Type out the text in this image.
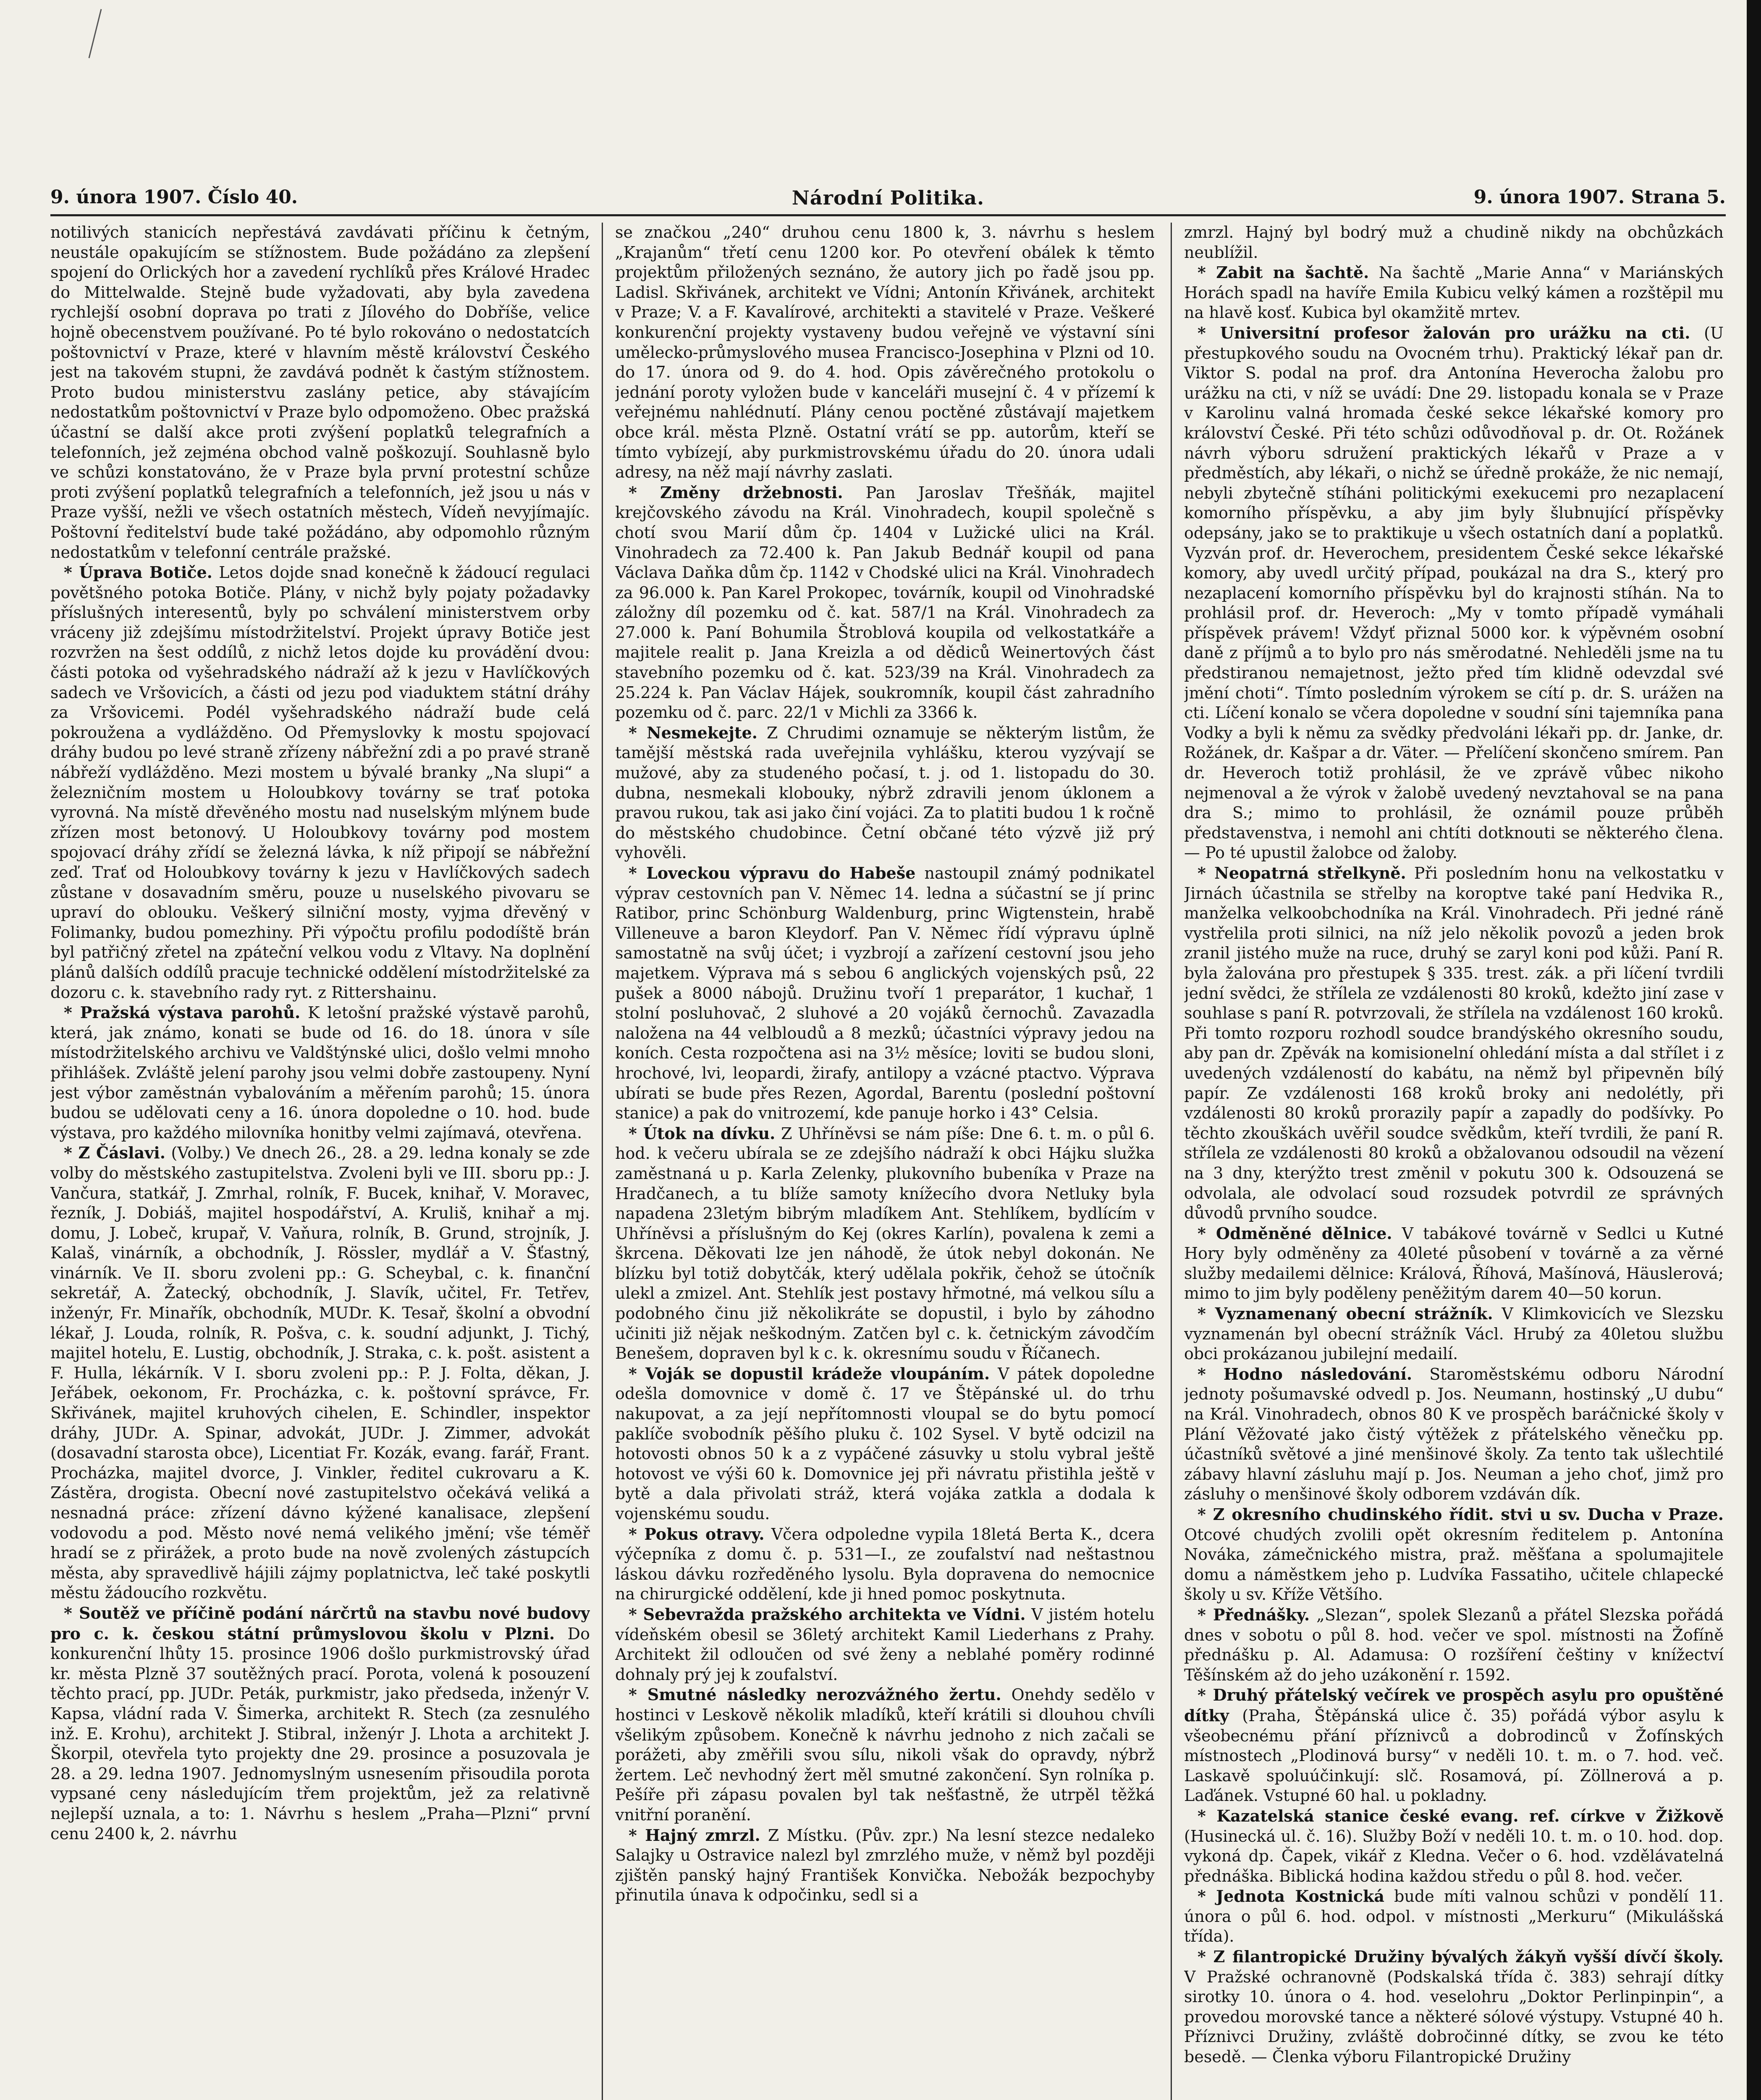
9. února 1907. Číslo 40.	Národní Politika.	9. února 1907. Strana 5.

notilivých stanicích nepřestává zavdávati příčinu k četným, neustále opakujícím se stížnostem. Bude požádáno za zlepšení spojení do Orlických hor a zavedení rychlíků přes Králové Hradec do Mittelwalde. Stejně bude vyžadovati, aby byla zavedena rychlejší osobní doprava po trati z Jílového do Dobříše, velice hojně obecenstvem používané. Po té bylo rokováno o nedostatcích poštovnictví v Praze, které v hlavním městě království Českého jest na takovém stupni, že zavdává podnět k častým stížnostem. Proto budou ministerstvu zaslány petice, aby stávajícím nedostatkům poštovnictví v Praze bylo odpomoženo. Obec pražská účastní se další akce proti zvýšení poplatků telegrafních a telefonních, jež zejména obchod valně poškozují. Souhlasně bylo ve schůzi konstatováno, že v Praze byla první protestní schůze proti zvýšení poplatků telegrafních a telefonních, jež jsou u nás v Praze vyšší, nežli ve všech ostatních městech, Vídeň nevyjímajíc. Poštovní ředitelství bude také požádáno, aby odpomohlo různým nedostatkům v telefonní centrále pražské.

* Úprava Botiče. Letos dojde snad konečně k žádoucí regulaci povětšného potoka Botiče. Plány, v nichž byly pojaty požadavky příslušných interesentů, byly po schválení ministerstvem orby vráceny již zdejšímu místodržitelství. Projekt úpravy Botiče jest rozvržen na šest oddílů, z nichž letos dojde ku provádění dvou: části potoka od vyšehradského nádraží až k jezu v Havlíčkových sadech ve Vršovicích, a části od jezu pod viaduktem státní dráhy za Vršovicemi. Podél vyšehradského nádraží bude celá pokroužena a vydlážděno. Od Přemyslovky k mostu spojovací dráhy budou po levé straně zřízeny nábřežní zdi a po pravé straně nábřeží vydlážděno. Mezi mostem u bývalé branky „Na slupi“ a železničním mostem u Holoubkovy továrny se trať potoka vyrovná. Na místě dřevěného mostu nad nuselským mlýnem bude zřízen most betonový. U Holoubkovy továrny pod mostem spojovací dráhy zřídí se železná lávka, k níž připojí se nábřežní zeď. Trať od Holoubkovy továrny k jezu v Havlíčkových sadech zůstane v dosavadním směru, pouze u nuselského pivovaru se upraví do oblouku. Veškerý silniční mosty, vyjma dřevěný v Folimanky, budou pomezhiny. Při výpočtu profilu pododíště brán byl patřičný zřetel na zpáteční velkou vodu z Vltavy. Na doplnění plánů dalších oddílů pracuje technické oddělení místodržitelské za dozoru c. k. stavebního rady ryt. z Rittershainu.

* Pražská výstava parohů. K letošní pražské výstavě parohů, která, jak známo, konati se bude od 16. do 18. února v síle místodržitelského archivu ve Valdštýnské ulici, došlo velmi mnoho přihlášek. Zvláště jelení parohy jsou velmi dobře zastoupeny. Nyní jest výbor zaměstnán vybalováním a měřením parohů; 15. února budou se udělovati ceny a 16. února dopoledne o 10. hod. bude výstava, pro každého milovníka honitby velmi zajímavá, otevřena.

* Z Čáslavi. (Volby.) Ve dnech 26., 28. a 29. ledna konaly se zde volby do městského zastupitelstva. Zvoleni byli ve III. sboru pp.: J. Vančura, statkář, J. Zmrhal, rolník, F. Bucek, knihař, V. Moravec, řezník, J. Dobiáš, majitel hospodářství, A. Kruliš, knihař a mj. domu, J. Lobeč, krupař, V. Vaňura, rolník, B. Grund, strojník, J. Kalaš, vinárník, a obchodník, J. Rössler, mydlář a V. Šťastný, vinárník. Ve II. sboru zvoleni pp.: G. Scheybal, c. k. finanční sekretář, A. Žatecký, obchodník, J. Slavík, učitel, Fr. Tetřev, inženýr, Fr. Minařík, obchodník, MUDr. K. Tesař, školní a obvodní lékař, J. Louda, rolník, R. Pošva, c. k. soudní adjunkt, J. Tichý, majitel hotelu, E. Lustig, obchodník, J. Straka, c. k. pošt. asistent a F. Hulla, lékárník. V I. sboru zvoleni pp.: P. J. Folta, děkan, J. Jeřábek, oekonom, Fr. Procházka, c. k. poštovní správce, Fr. Skřivánek, majitel kruhových cihelen, E. Schindler, inspektor dráhy, JUDr. A. Spinar, advokát, JUDr. J. Zimmer, advokát (dosavadní starosta obce), Licentiat Fr. Kozák, evang. farář, Frant. Procházka, majitel dvorce, J. Vinkler, ředitel cukrovaru a K. Zástěra, drogista. Obecní nové zastupitelstvo očekává veliká a nesnadná práce: zřízení dávno kýžené kanalisace, zlepšení vodovodu a pod. Město nové nemá velikého jmění; vše téměř hradí se z přirážek, a proto bude na nově zvolených zástupcích města, aby spravedlivě hájili zájmy poplatnictva, leč také poskytli městu žádoucího rozkvětu.

* Soutěž ve příčině podání nárčrtů na stavbu nové budovy pro c. k. českou státní průmyslovou školu v Plzni. Do konkurenční lhůty 15. prosince 1906 došlo purkmistrovský úřad kr. města Plzně 37 soutěžných prací. Porota, volená k posouzení těchto prací, pp. JUDr. Peták, purkmistr, jako předseda, inženýr V. Kapsa, vládní rada V. Šimerka, architekt R. Stech (za zesnulého inž. E. Krohu), architekt J. Stibral, inženýr J. Lhota a architekt J. Škorpil, otevřela tyto projekty dne 29. prosince a posuzovala je 28. a 29. ledna 1907. Jednomyslným usnesením přisoudila porota vypsané ceny následujícím třem projektům, jež za relativně nejlepší uznala, a to: 1. Návrhu s heslem „Praha—Plzni“ první cenu 2400 k, 2. návrhu

se značkou „240“ druhou cenu 1800 k, 3. návrhu s heslem „Krajanům“ třetí cenu 1200 kor. Po otevření obálek k těmto projektům přiložených seznáno, že autory jich po řadě jsou pp. Ladisl. Skřivánek, architekt ve Vídni; Antonín Křivánek, architekt v Praze; V. a F. Kavalírové, architekti a stavitelé v Praze. Veškeré konkurenční projekty vystaveny budou veřejně ve výstavní síni umělecko-průmyslového musea Francisco-Josephina v Plzni od 10. do 17. února od 9. do 4. hod. Opis závěrečného protokolu o jednání poroty vyložen bude v kanceláři musejní č. 4 v přízemí k veřejnému nahlédnutí. Plány cenou poctěné zůstávají majetkem obce král. města Plzně. Ostatní vrátí se pp. autorům, kteří se tímto vybízejí, aby purkmistrovskému úřadu do 20. února udali adresy, na něž mají návrhy zaslati.

* Změny držebnosti. Pan Jaroslav Třešňák, majitel krejčovského závodu na Král. Vinohradech, koupil společně s chotí svou Marií dům čp. 1404 v Lužické ulici na Král. Vinohradech za 72.400 k. Pan Jakub Bednář koupil od pana Václava Daňka dům čp. 1142 v Chodské ulici na Král. Vinohradech za 96.000 k. Pan Karel Prokopec, továrník, koupil od Vinohradské záložny díl pozemku od č. kat. 587/1 na Král. Vinohradech za 27.000 k. Paní Bohumila Štroblová koupila od velkostatkáře a majitele realit p. Jana Kreizla a od dědiců Weinertových část stavebního pozemku od č. kat. 523/39 na Král. Vinohradech za 25.224 k. Pan Václav Hájek, soukromník, koupil část zahradního pozemku od č. parc. 22/1 v Michli za 3366 k.

* Nesmekejte. Z Chrudimi oznamuje se některým listům, že tamější městská rada uveřejnila vyhlášku, kterou vyzývají se mužové, aby za studeného počasí, t. j. od 1. listopadu do 30. dubna, nesmekali klobouky, nýbrž zdravili jenom úklonem a pravou rukou, tak asi jako činí vojáci. Za to platiti budou 1 k ročně do městského chudobince. Četní občané této výzvě již prý vyhověli.

* Loveckou výpravu do Habeše nastoupil známý podnikatel výprav cestovních pan V. Němec 14. ledna a súčastní se jí princ Ratibor, princ Schönburg Waldenburg, princ Wigtenstein, hrabě Villeneuve a baron Kleydorf. Pan V. Němec řídí výpravu úplně samostatně na svůj účet; i vyzbrojí a zařízení cestovní jsou jeho majetkem. Výprava má s sebou 6 anglických vojenských psů, 22 pušek a 8000 nábojů. Družinu tvoří 1 preparátor, 1 kuchař, 1 stolní posluhovač, 2 sluhové a 20 vojáků černochů. Zavazadla naložena na 44 velbloudů a 8 mezků; účastníci výpravy jedou na koních. Cesta rozpočtena asi na 3½ měsíce; loviti se budou sloni, hrochové, lvi, leopardi, žirafy, antilopy a vzácné ptactvo. Výprava ubírati se bude přes Rezen, Agordal, Barentu (poslední poštovní stanice) a pak do vnitrozemí, kde panuje horko i 43° Celsia.

* Útok na dívku. Z Uhříněvsi se nám píše: Dne 6. t. m. o půl 6. hod. k večeru ubírala se ze zdejšího nádraží k obci Hájku služka zaměstnaná u p. Karla Zelenky, plukovního bubeníka v Praze na Hradčanech, a tu blíže samoty knížecího dvora Netluky byla napadena 23letým bibrým mladíkem Ant. Stehlíkem, bydlícím v Uhříněvsi a příslušným do Kej (okres Karlín), povalena k zemi a škrcena. Děkovati lze jen náhodě, že útok nebyl dokonán. Ne blízku byl totiž dobytčák, který udělala pokřik, čehož se útočník ulekl a zmizel. Ant. Stehlík jest postavy hřmotné, má velkou sílu a podobného činu již několikráte se dopustil, i bylo by záhodno učiniti již nějak neškodným. Zatčen byl c. k. četnickým závodčím Benešem, dopraven byl k c. k. okresnímu soudu v Říčanech.

* Voják se dopustil krádeže vloupáním. V pátek dopoledne odešla domovnice v domě č. 17 ve Štěpánské ul. do trhu nakupovat, a za její nepřítomnosti vloupal se do bytu pomocí paklíče svobodník pěšího pluku č. 102 Sysel. V bytě odcizil na hotovosti obnos 50 k a z vypáčené zásuvky u stolu vybral ještě hotovost ve výši 60 k. Domovnice jej při návratu přistihla ještě v bytě a dala přivolati stráž, která vojáka zatkla a dodala k vojenskému soudu.

* Pokus otravy. Včera odpoledne vypila 18letá Berta K., dcera výčepníka z domu č. p. 531—I., ze zoufalství nad neštastnou láskou dávku rozředěného lysolu. Byla dopravena do nemocnice na chirurgické oddělení, kde ji hned pomoc poskytnuta.

* Sebevražda pražského architekta ve Vídni. V jistém hotelu vídeňském obesil se 36letý architekt Kamil Liederhans z Prahy. Architekt žil odloučen od své ženy a neblahé poměry rodinné dohnaly prý jej k zoufalství.

* Smutné následky nerozvážného žertu. Onehdy sedělo v hostinci v Leskově několik mladíků, kteří krátili si dlouhou chvíli všelikým způsobem. Konečně k návrhu jednoho z nich začali se porážeti, aby změřili svou sílu, nikoli však do opravdy, nýbrž žertem. Leč nevhodný žert měl smutné zakončení. Syn rolníka p. Pešíře při zápasu povalen byl tak nešťastně, že utrpěl těžká vnitřní poranění.

* Hajný zmrzl. Z Místku. (Pův. zpr.) Na lesní stezce nedaleko Salajky u Ostravice nalezl byl zmrzlého muže, v němž byl později zjištěn panský hajný František Konvička. Nebožák bezpochyby přinutila únava k odpočinku, sedl si a

zmrzl. Hajný byl bodrý muž a chudině nikdy na obchůzkách neublížil.

* Zabit na šachtě. Na šachtě „Marie Anna“ v Mariánských Horách spadl na havíře Emila Kubicu velký kámen a rozštěpil mu na hlavě kosť. Kubica byl okamžitě mrtev.

* Universitní profesor žalován pro urážku na cti. (U přestupkového soudu na Ovocném trhu). Praktický lékař pan dr. Viktor S. podal na prof. dra Antonína Heverocha žalobu pro urážku na cti, v níž se uvádí: Dne 29. listopadu konala se v Praze v Karolinu valná hromada české sekce lékařské komory pro království České. Při této schůzi odůvodňoval p. dr. Ot. Rožánek návrh výboru sdružení praktických lékařů v Praze a v předměstích, aby lékaři, o nichž se úředně prokáže, že nic nemají, nebyli zbytečně stíháni politickými exekucemi pro nezaplacení komorního příspěvku, a aby jim byly šlubnující příspěvky odepsány, jako se to praktikuje u všech ostatních daní a poplatků. Vyzván prof. dr. Heverochem, presidentem České sekce lékařské komory, aby uvedl určitý případ, poukázal na dra S., který pro nezaplacení komorního příspěvku byl do krajnosti stíhán. Na to prohlásil prof. dr. Heveroch: „My v tomto případě vymáhali příspěvek právem! Vždyť přiznal 5000 kor. k výpěvném osobní daně z příjmů a to bylo pro nás směrodatné. Nehleděli jsme na tu předstiranou nemajetnost, ježto před tím klidně odevzdal své jmění choti“. Tímto posledním výrokem se cítí p. dr. S. urážen na cti. Líčení konalo se včera dopoledne v soudní síni tajemníka pana Vodky a byli k němu za svědky předvoláni lékaři pp. dr. Janke, dr. Rožánek, dr. Kašpar a dr. Väter. — Přelíčení skončeno smírem. Pan dr. Heveroch totiž prohlásil, že ve zprávě vůbec nikoho nejmenoval a že výrok v žalobě uvedený nevztahoval se na pana dra S.; mimo to prohlásil, že oznámil pouze průběh představenstva, i nemohl ani chtíti dotknouti se některého člena. — Po té upustil žalobce od žaloby.

* Neopatrná střelkyně. Při posledním honu na velkostatku v Jirnách účastnila se střelby na koroptve také paní Hedvika R., manželka velkoobchodníka na Král. Vinohradech. Při jedné ráně vystřelila proti silnici, na níž jelo několik povozů a jeden brok zranil jistého muže na ruce, druhý se zaryl koni pod kůži. Paní R. byla žalována pro přestupek § 335. trest. zák. a při líčení tvrdili jední svědci, že střílela ze vzdálenosti 80 kroků, kdežto jiní zase v souhlase s paní R. potvrzovali, že střílela na vzdálenost 160 kroků. Při tomto rozporu rozhodl soudce brandýského okresního soudu, aby pan dr. Zpěvák na komisionelní ohledání místa a dal střílet i z uvedených vzdáleností do kabátu, na němž byl připevněn bílý papír. Ze vzdálenosti 168 kroků broky ani nedolétly, při vzdálenosti 80 kroků prorazily papír a zapadly do podšívky. Po těchto zkouškách uvěřil soudce svědkům, kteří tvrdili, že paní R. střílela ze vzdálenosti 80 kroků a obžalovanou odsoudil na vězení na 3 dny, kterýžto trest změnil v pokutu 300 k. Odsouzená se odvolala, ale odvolací soud rozsudek potvrdil ze správných důvodů prvního soudce.

* Odměněné dělnice. V tabákové továrně v Sedlci u Kutné Hory byly odměněny za 40leté působení v továrně a za věrné služby medailemi dělnice: Králová, Říhová, Mašínová, Häuslerová; mimo to jim byly poděleny peněžitým darem 40—50 korun.

* Vyznamenaný obecní strážník. V Klimkovicích ve Slezsku vyznamenán byl obecní strážník Václ. Hrubý za 40letou službu obci prokázanou jubilejní medailí.

* Hodno následování. Staroměstskému odboru Národní jednoty pošumavské odvedl p. Jos. Neumann, hostinský „U dubu“ na Král. Vinohradech, obnos 80 K ve prospěch baráčnické školy v Plání Věžovaté jako čistý výtěžek z přátelského věnečku pp. účastníků světové a jiné menšinové školy. Za tento tak ušlechtilé zábavy hlavní zásluhu mají p. Jos. Neuman a jeho choť, jimž pro zásluhy o menšinové školy odborem vzdáván dík.

* Z okresního chudinského řídit. stvi u sv. Ducha v Praze. Otcové chudých zvolili opět okresním ředitelem p. Antonína Nováka, zámečnického mistra, praž. měšťana a spolumajitele domu a náměstkem jeho p. Ludvíka Fassatiho, učitele chlapecké školy u sv. Kříže Většího.

* Přednášky. „Slezan“, spolek Slezanů a přátel Slezska pořádá dnes v sobotu o půl 8. hod. večer ve spol. místnosti na Žofíně přednášku p. Al. Adamusa: O rozšíření češtiny v knížectví Těšínském až do jeho uzákonění r. 1592.

* Druhý přátelský večírek ve prospěch asylu pro opuštěné dítky (Praha, Štěpánská ulice č. 35) pořádá výbor asylu k všeobecnému přání příznivců a dobrodinců v Žofínských místnostech „Plodinová bursy“ v neděli 10. t. m. o 7. hod. več. Laskavě spoluúčinkují: slč. Rosamová, pí. Zöllnerová a p. Laďánek. Vstupné 60 hal. u pokladny.

* Kazatelská stanice české evang. ref. církve v Žižkově (Husinecká ul. č. 16). Služby Boží v neděli 10. t. m. o 10. hod. dop. vykoná dp. Čapek, vikář z Kledna. Večer o 6. hod. vzdělávatelná přednáška. Biblická hodina každou středu o půl 8. hod. večer.

* Jednota Kostnická bude míti valnou schůzi v pondělí 11. února o půl 6. hod. odpol. v místnosti „Merkuru“ (Mikulášská třída).

* Z filantropické Družiny bývalých žákyň vyšší dívčí školy. V Pražské ochranovně (Podskalská třída č. 383) sehrají dítky sirotky 10. února o 4. hod. veselohru „Doktor Perlinpinpin“, a provedou morovské tance a některé sólové výstupy. Vstupné 40 h. Příznivci Družiny, zvláště dobročinné dítky, se zvou ke této besedě. — Členka výboru Filantropické Družiny
